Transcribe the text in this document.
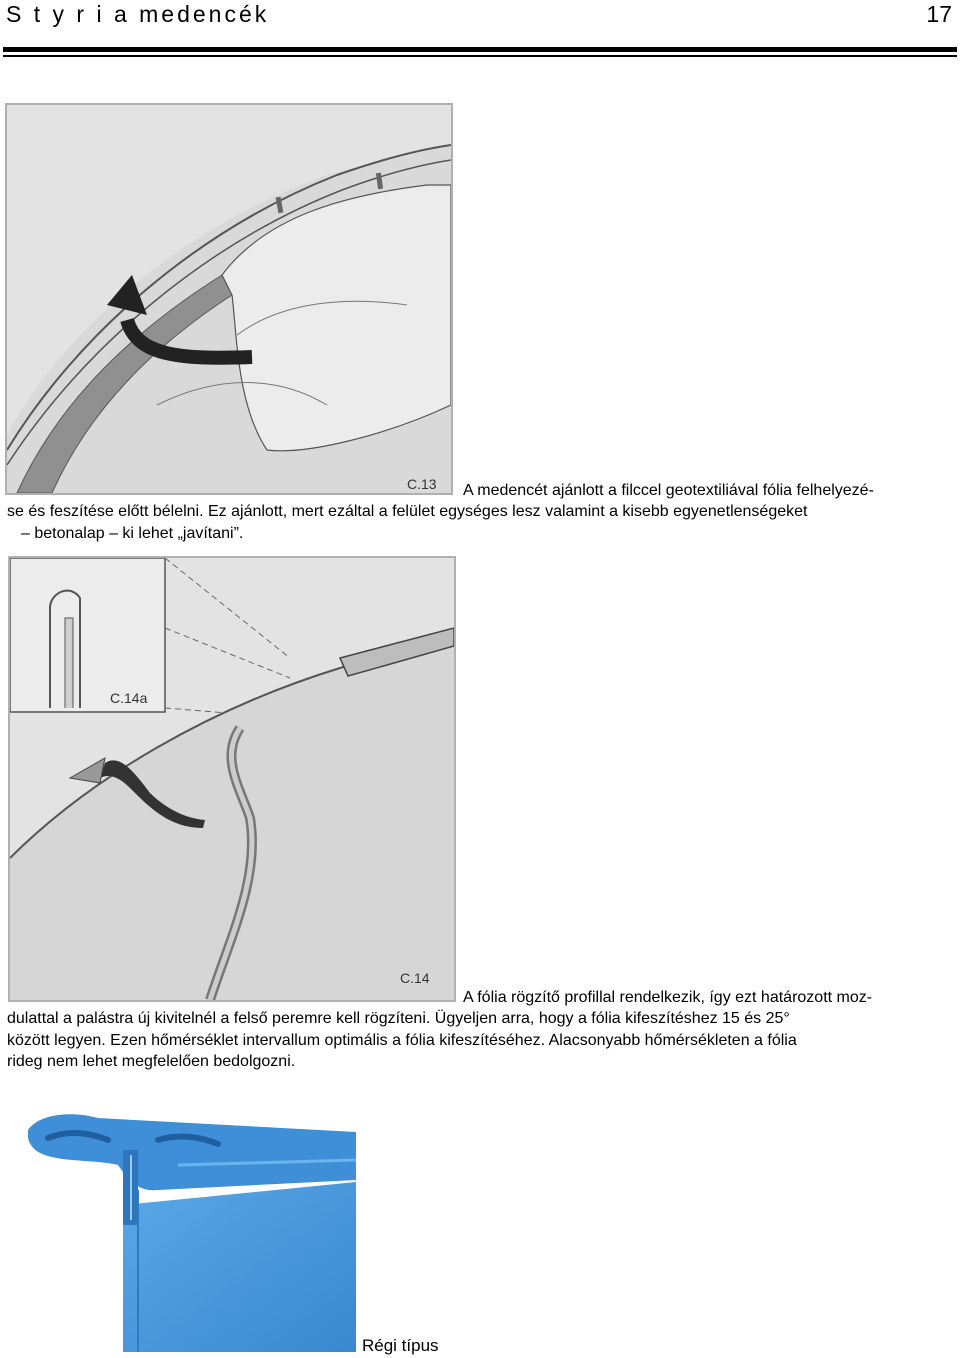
S t y r i a medencék	17
C.13 A medencét ajánlott a filccel geotextiliával fólia felhelyezé-
se és feszítése előtt bélelni. Ez ajánlott, mert ezáltal a felület egységes lesz valamint a kisebb egyenetlenségeket
– betonalap – ki lehet „javítani”.
C.14a
C.14
A fólia rögzítő profillal rendelkezik, így ezt határozott moz-
dulattal a palástra új kivitelnél a felső peremre kell rögzíteni. Ügyeljen arra, hogy a fólia kifeszítéshez 15 és 25°
között legyen. Ezen hőmérséklet intervallum optimális a fólia kifeszítéséhez. Alacsonyabb hőmérsékleten a fólia
rideg nem lehet megfelelően bedolgozni.
Régi típus
